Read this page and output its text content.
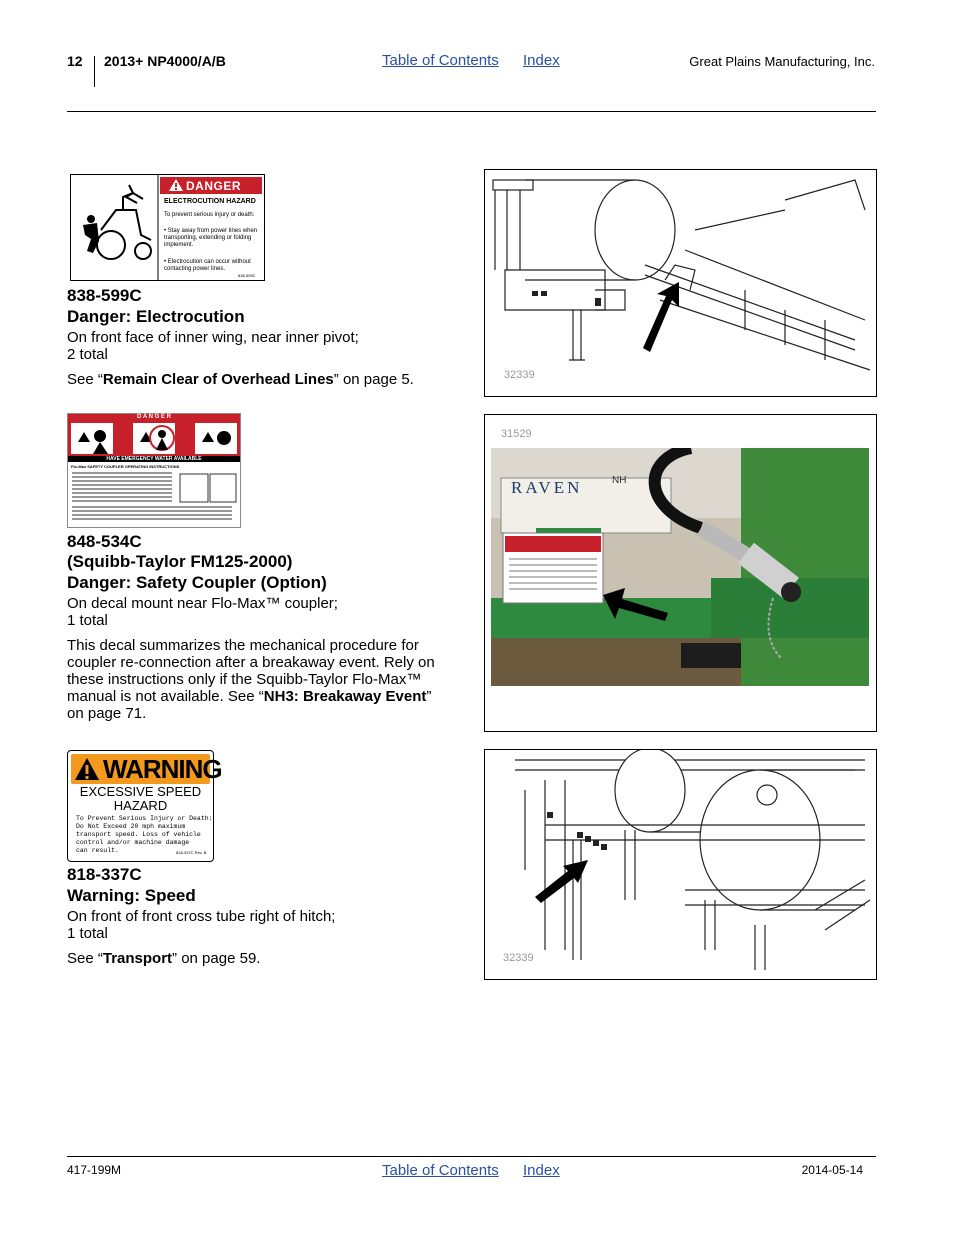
12 2013+ NP4000/A/B	Table of Contents Index	Great Plains Manufacturing, Inc.
DANGER
ELECTROCUTION HAZARD
To prevent serious injury or death:
• Stay away from power lines when transporting, extending or folding implement.
• Electrocution can occur without contacting power lines.
838-599C
838-599C
Danger: Electrocution

On front face of inner wing, near inner pivot;

2 total

See “Remain Clear of Overhead Lines” on page 5.	32339
D A N G E R
HAVE EMERGENCY WATER AVAILABLE
Flo-Max SAFETY COUPLER OPERATING INSTRUCTIONS
848-534C
(Squibb-Taylor FM125-2000)
Danger: Safety Coupler (Option)

On decal mount near Flo-Max™ coupler;

1 total

This decal summarizes the mechanical procedure for

coupler re-connection after a breakaway event. Rely on

these instructions only if the Squibb-Taylor Flo-Max™

manual is not available. See “NH3: Breakaway Event”

on page 71.

31529
RAVEN	NH
WARNING
EXCESSIVE SPEED
HAZARD
To Prevent Serious Injury or Death:
Do Not Exceed 20 mph maximum
transport speed. Loss of vehicle
control and/or machine damage
can result.	818-337C Rev. B
818-337C
Warning: Speed

On front of front cross tube right of hitch;

1 total

See “Transport” on page 59.	32339
417-199M	Table of Contents Index	2014-05-14
